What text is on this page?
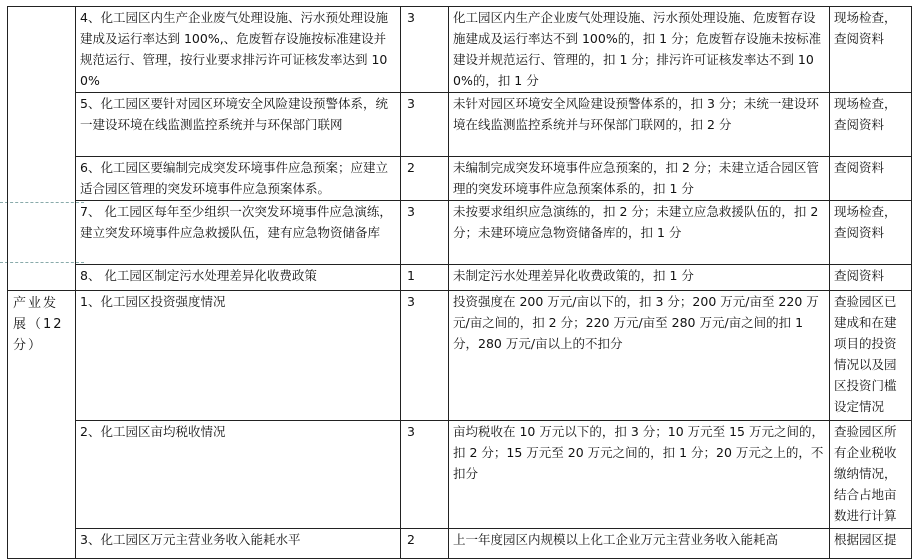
	4、化工园区内生产企业废气处理设施、污水预处理设施建成及运行率达到 100%,、危废暂存设施按标准建设并规范运行、管理，按行业要求排污许可证核发率达到 100%	3	化工园区内生产企业废气处理设施、污水预处理设施、危废暂存设施建成及运行率达不到 100%的，扣 1 分；危废暂存设施未按标准建设并规范运行、管理的，扣 1 分；排污许可证核发率达不到 100%的，扣 1 分	现场检查，查阅资料
	5、化工园区要针对园区环境安全风险建设预警体系，统一建设环境在线监测监控系统并与环保部门联网	3	未针对园区环境安全风险建设预警体系的，扣 3 分；未统一建设环境在线监测监控系统并与环保部门联网的，扣 2 分	现场检查，查阅资料
	6、化工园区要编制完成突发环境事件应急预案；应建立适合园区管理的突发环境事件应急预案体系。	2	未编制完成突发环境事件应急预案的，扣 2 分；未建立适合园区管理的突发环境事件应急预案体系的，扣 1 分	查阅资料
	7、 化工园区每年至少组织一次突发环境事件应急演练，建立突发环境事件应急救援队伍，建有应急物资储备库	3	未按要求组织应急演练的，扣 2 分；未建立应急救援队伍的，扣 2 分；未建环境应急物资储备库的，扣 1 分	现场检查，查阅资料
	8、 化工园区制定污水处理差异化收费政策	1	未制定污水处理差异化收费政策的，扣 1 分	查阅资料
产业发展（12分）	1、化工园区投资强度情况	3	投资强度在 200 万元/亩以下的，扣 3 分；200 万元/亩至 220 万元/亩之间的，扣 2 分；220 万元/亩至 280 万元/亩之间的扣 1 分，280 万元/亩以上的不扣分	查验园区已建成和在建项目的投资情况以及园区投资门槛设定情况
	2、化工园区亩均税收情况	3	亩均税收在 10 万元以下的，扣 3 分；10 万元至 15 万元之间的，扣 2 分；15 万元至 20 万元之间的，扣 1 分；20 万元之上的，不扣分	查验园区所有企业税收缴纳情况，结合占地亩数进行计算
	3、化工园区万元主营业务收入能耗水平	2	上一年度园区内规模以上化工企业万元主营业务收入能耗高	根据园区提
